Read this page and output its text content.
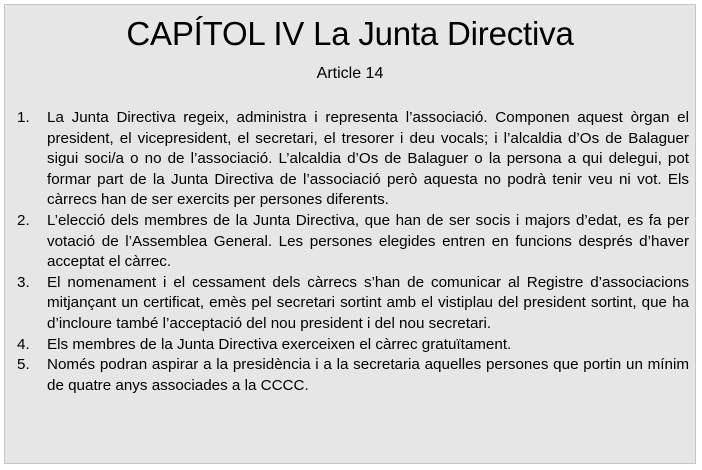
CAPÍTOL IV La Junta Directiva
Article 14
1.	La Junta Directiva regeix, administra i representa l’associació. Componen aquest òrgan el president, el vicepresident, el secretari, el tresorer i deu vocals; i l’alcaldia d’Os de Balaguer sigui soci/a o no de l’associació. L’alcaldia d’Os de Balaguer o la persona a qui delegui, pot formar part de la Junta Directiva de l’associació però aquesta no podrà tenir veu ni vot. Els càrrecs han de ser exercits per persones diferents.
2.	L’elecció dels membres de la Junta Directiva, que han de ser socis i majors d’edat, es fa per votació de l’Assemblea General. Les persones elegides entren en funcions després d’haver acceptat el càrrec.
3.	El nomenament i el cessament dels càrrecs s’han de comunicar al Registre d’associacions mitjançant un certificat, emès pel secretari sortint amb el vistiplau del president sortint, que ha d’incloure també l’acceptació del nou president i del nou secretari.
4.	Els membres de la Junta Directiva exerceixen el càrrec gratuïtament.
5.	Només podran aspirar a la presidència i a la secretaria aquelles persones que portin un mínim de quatre anys associades a la CCCC.
